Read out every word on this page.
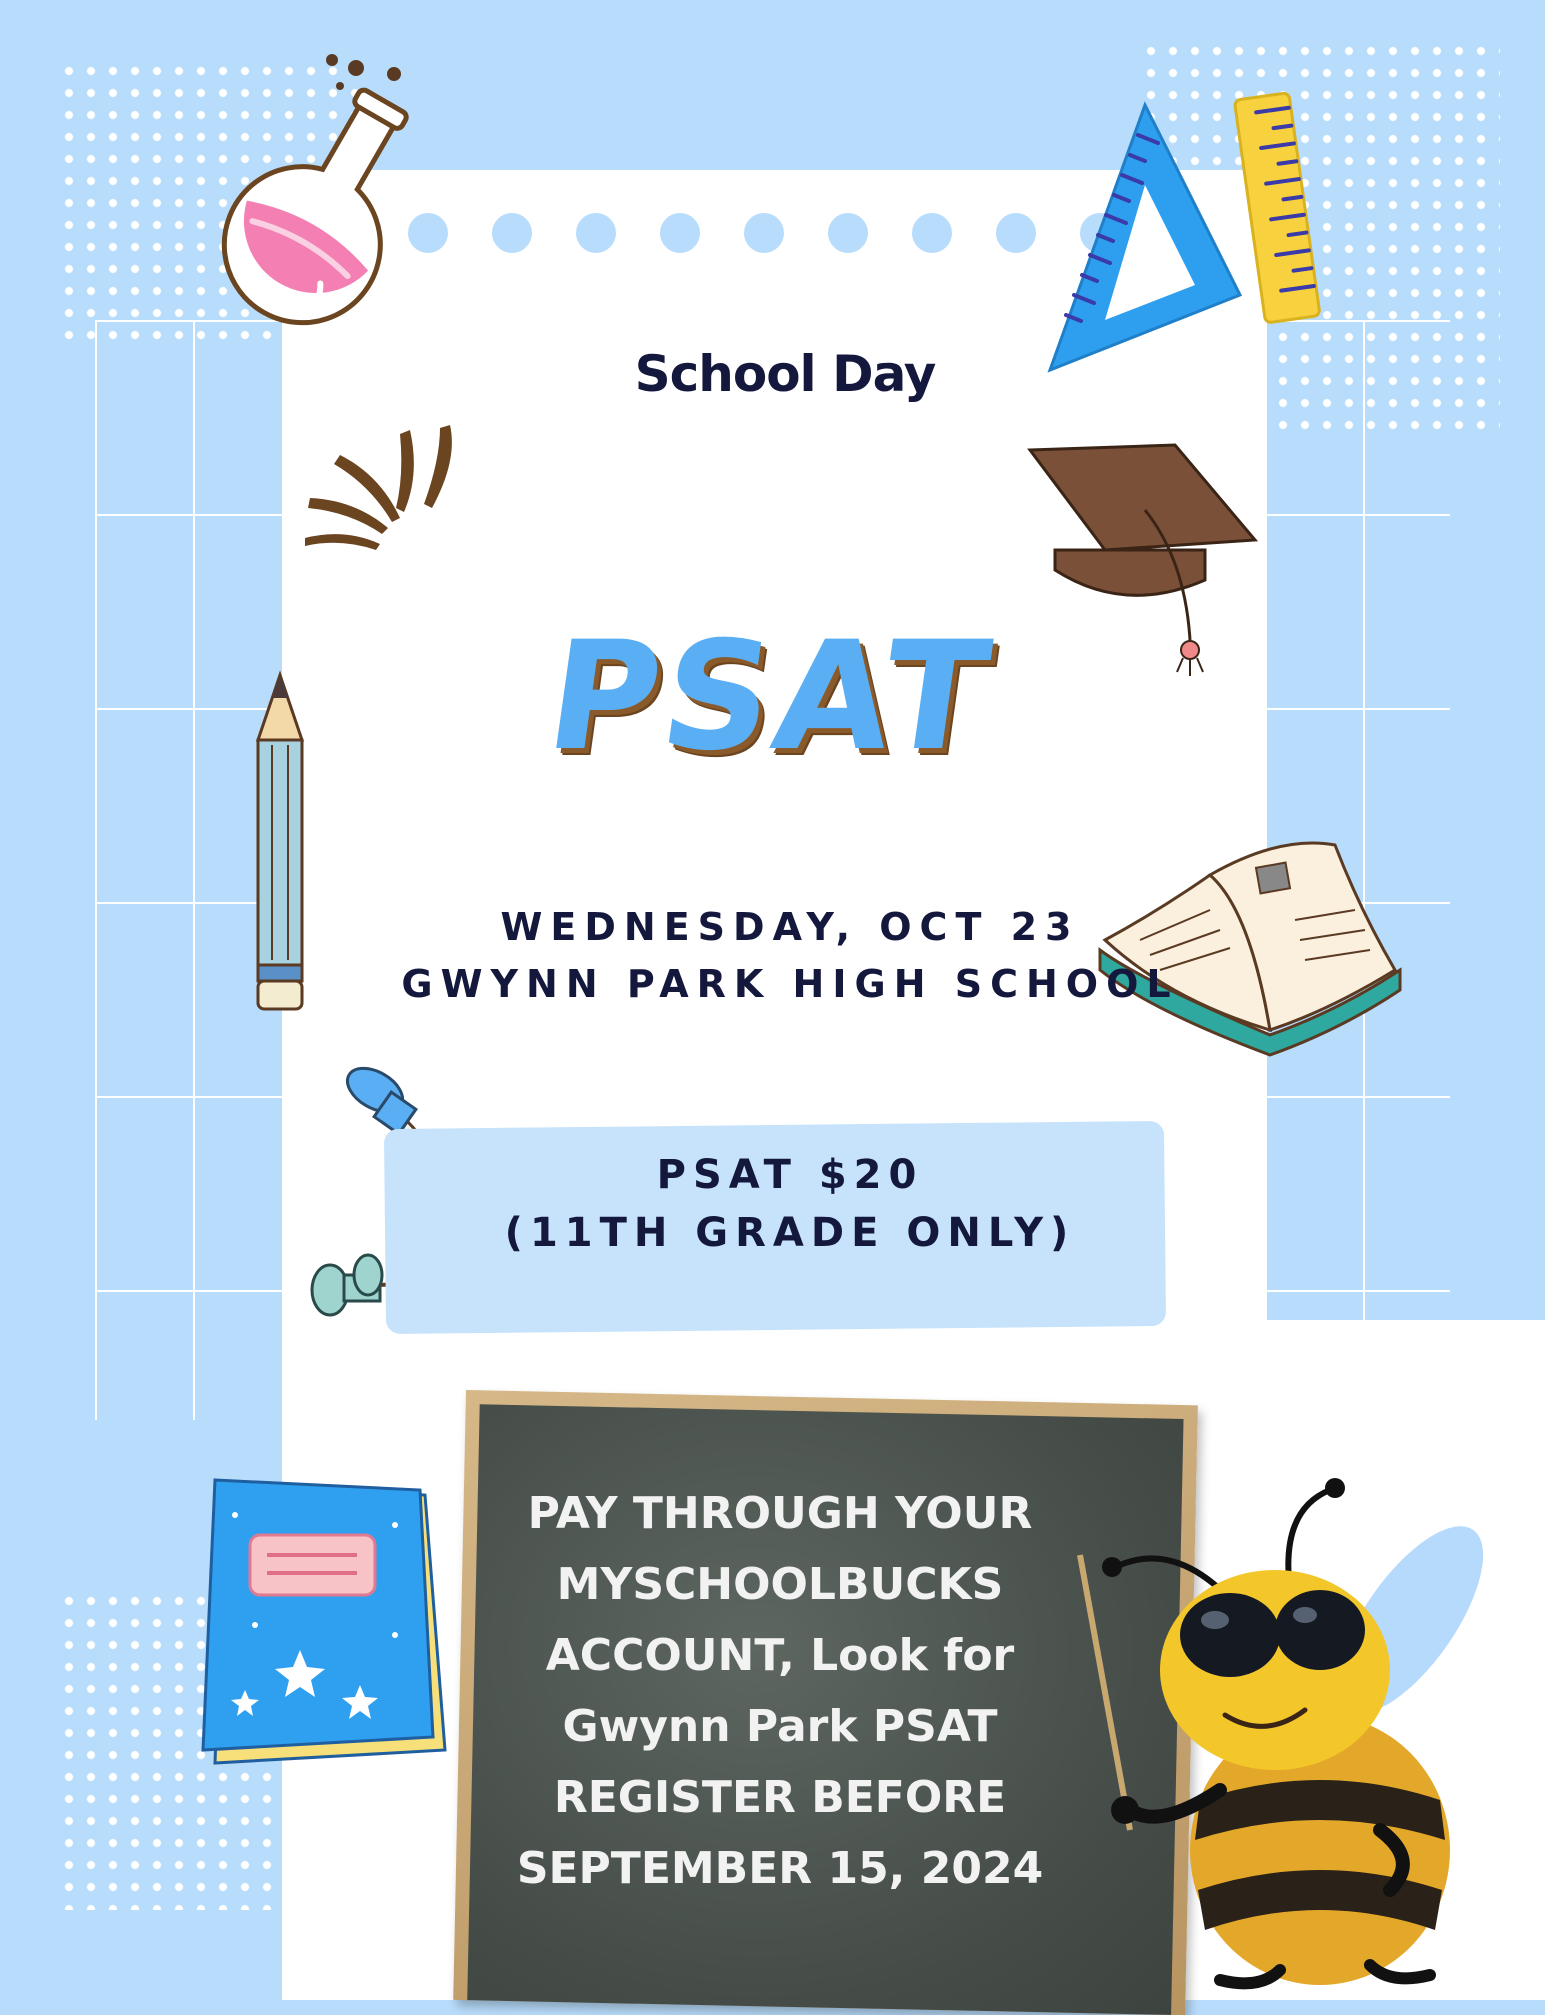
School Day
PSAT
WEDNESDAY, OCT 23
GWYNN PARK HIGH SCHOOL
PSAT $20
(11TH GRADE ONLY)
PAY THROUGH YOUR
MYSCHOOLBUCKS
ACCOUNT, Look for
Gwynn Park PSAT
REGISTER BEFORE
SEPTEMBER 15, 2024
